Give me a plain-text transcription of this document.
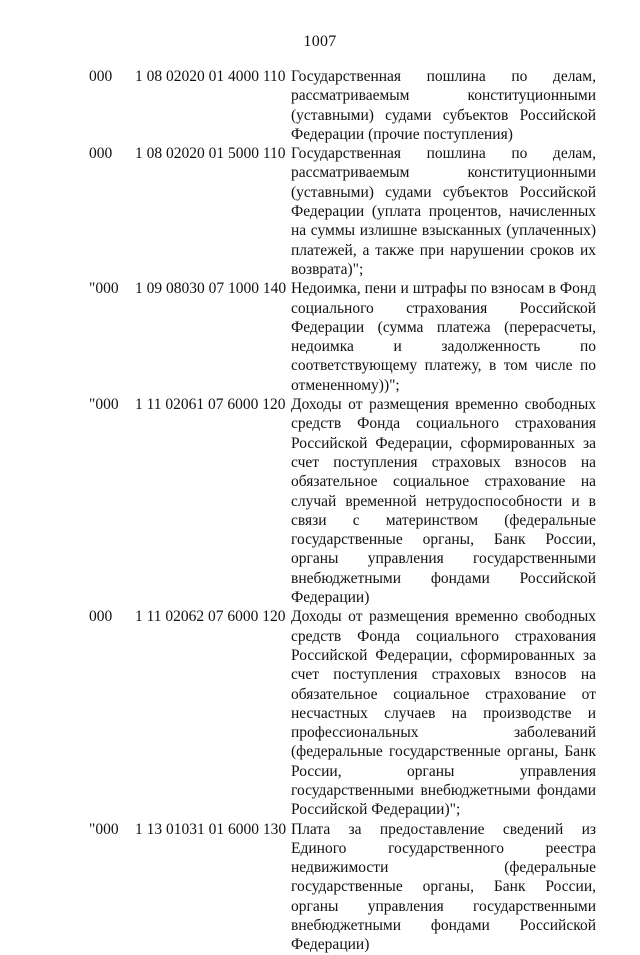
1007
000 1 08 02020 01 4000 110 Государственная пошлина по делам, рассматриваемым конституционными (уставными) судами субъектов Российской Федерации (прочие поступления)
000 1 08 02020 01 5000 110 Государственная пошлина по делам, рассматриваемым конституционными (уставными) судами субъектов Российской Федерации (уплата процентов, начисленных на суммы излишне взысканных (уплаченных) платежей, а также при нарушении сроков их возврата)";
"000 1 09 08030 07 1000 140 Недоимка, пени и штрафы по взносам в Фонд социального страхования Российской Федерации (сумма платежа (перерасчеты, недоимка и задолженность по соответствующему платежу, в том числе по отмененному))";
"000 1 11 02061 07 6000 120 Доходы от размещения временно свободных средств Фонда социального страхования Российской Федерации, сформированных за счет поступления страховых взносов на обязательное социальное страхование на случай временной нетрудоспособности и в связи с материнством (федеральные государственные органы, Банк России, органы управления государственными внебюджетными фондами Российской Федерации)
000 1 11 02062 07 6000 120 Доходы от размещения временно свободных средств Фонда социального страхования Российской Федерации, сформированных за счет поступления страховых взносов на обязательное социальное страхование от несчастных случаев на производстве и профессиональных заболеваний (федеральные государственные органы, Банк России, органы управления государственными внебюджетными фондами Российской Федерации)";
"000 1 13 01031 01 6000 130 Плата за предоставление сведений из Единого государственного реестра недвижимости (федеральные государственные органы, Банк России, органы управления государственными внебюджетными фондами Российской Федерации)
